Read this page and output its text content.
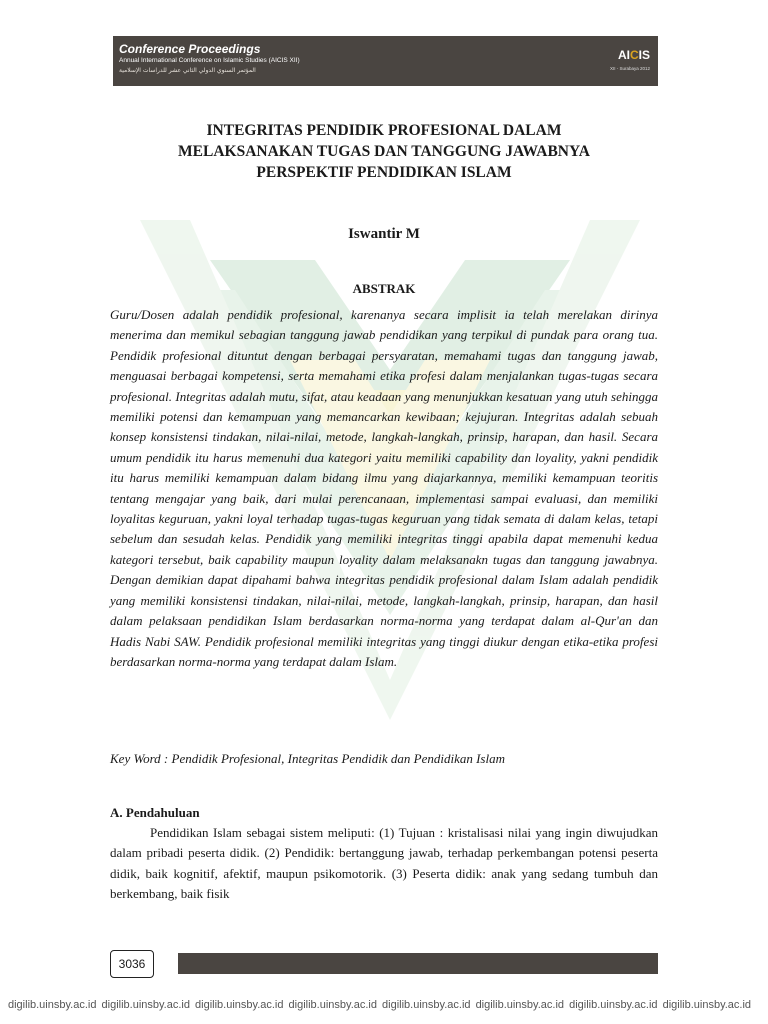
Conference Proceedings
Annual International Conference on Islamic Studies (AICIS XII)
المؤتمر السنوي الدولي الثاني عشر للدراسات الإسلامية
AICIS
XII - Surabaya 2012
INTEGRITAS PENDIDIK PROFESIONAL DALAM
MELAKSANAKAN TUGAS DAN TANGGUNG JAWABNYA
PERSPEKTIF PENDIDIKAN ISLAM
Iswantir M
ABSTRAK

Guru/Dosen adalah pendidik profesional, karenanya secara implisit ia telah merelakan dirinya menerima dan memikul sebagian tanggung jawab pendidikan yang terpikul di pundak para orang tua. Pendidik profesional dituntut dengan berbagai persyaratan, memahami tugas dan tanggung jawab, menguasai berbagai kompetensi, serta memahami etika profesi dalam menjalankan tugas-tugas secara profesional. Integritas adalah mutu, sifat, atau keadaan yang menunjukkan kesatuan yang utuh sehingga memiliki potensi dan kemampuan yang memancarkan kewibaan; kejujuran. Integritas adalah sebuah konsep konsistensi tindakan, nilai-nilai, metode, langkah-langkah, prinsip, harapan, dan hasil. Secara umum pendidik itu harus memenuhi dua kategori yaitu memiliki capability dan loyality, yakni pendidik itu harus memiliki kemampuan dalam bidang ilmu yang diajarkannya, memiliki kemampuan teoritis tentang mengajar yang baik, dari mulai perencanaan, implementasi sampai evaluasi, dan memiliki loyalitas keguruan, yakni loyal terhadap tugas-tugas keguruan yang tidak semata di dalam kelas, tetapi sebelum dan sesudah kelas. Pendidik yang memiliki integritas tinggi apabila dapat memenuhi kedua kategori tersebut, baik capability maupun loyality dalam melaksanakn tugas dan tanggung jawabnya. Dengan demikian dapat dipahami bahwa integritas pendidik profesional dalam Islam adalah pendidik yang memiliki konsistensi tindakan, nilai-nilai, metode, langkah-langkah, prinsip, harapan, dan hasil dalam pelaksaan pendidikan Islam berdasarkan norma-norma yang terdapat dalam al-Qur'an dan Hadis Nabi SAW. Pendidik profesional memiliki integritas yang tinggi diukur dengan etika-etika profesi berdasarkan norma-norma yang terdapat dalam Islam.

Key Word : Pendidik Profesional, Integritas Pendidik dan Pendidikan Islam
A. Pendahuluan

Pendidikan Islam sebagai sistem meliputi: (1) Tujuan : kristalisasi nilai yang ingin diwujudkan dalam pribadi peserta didik. (2) Pendidik: bertanggung jawab, terhadap perkembangan potensi peserta didik, baik kognitif, afektif, maupun psikomotorik. (3) Peserta didik: anak yang sedang tumbuh dan berkembang, baik fisik

3036
digilib.uinsby.ac.id digilib.uinsby.ac.id digilib.uinsby.ac.id digilib.uinsby.ac.id digilib.uinsby.ac.id digilib.uinsby.ac.id digilib.uinsby.ac.id digilib.uinsby.ac.id
